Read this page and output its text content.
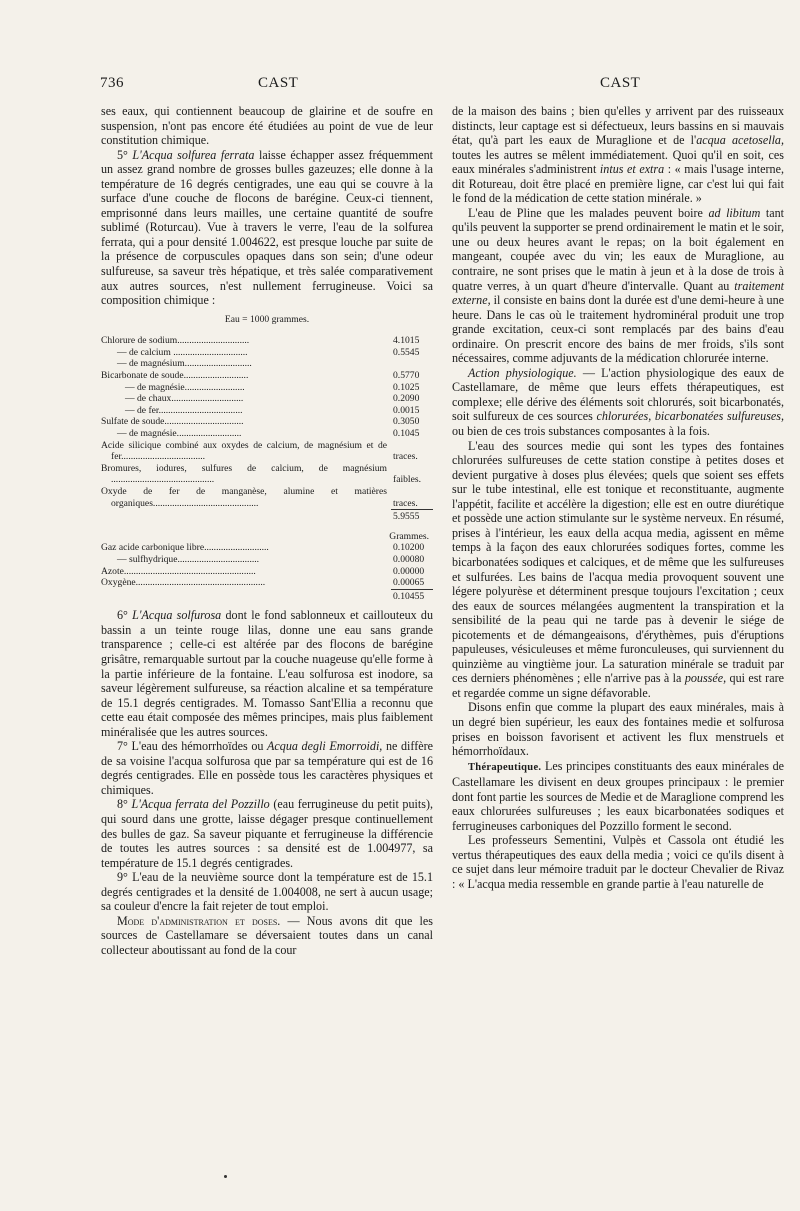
736	CAST	CAST

ses eaux, qui contiennent beaucoup de glairine et de soufre en suspension, n'ont pas encore été étudiées au point de vue de leur constitution chimique.

5° L'Acqua solfurea ferrata laisse échapper assez fréquemment un assez grand nombre de grosses bulles gazeuzes; elle donne à la température de 16 degrés centigrades, une eau qui se couvre à la surface d'une couche de flocons de barégine. Ceux-ci tiennent, emprisonné dans leurs mailles, une certaine quantité de soufre sublimé (Roturcau). Vue à travers le verre, l'eau de la solfurea ferrata, qui a pour densité 1.004622, est presque louche par suite de la présence de corpuscules opaques dans son sein; d'une odeur sulfureuse, sa saveur très hépatique, et très salée comparativement aux autres sources, n'est nullement ferrugineuse. Voici sa composition chimique :

Eau = 1000 grammes.
Chlorure de sodium..............................	4.1015
— de calcium ...............................	0.5545
— de magnésium............................
Bicarbonate de soude...........................	0.5770
— de magnésie.........................	0.1025
— de chaux..............................	0.2090
— de fer...................................	0.0015
Sulfate de soude.................................	0.3050
— de magnésie...........................	0.1045
Acide silicique combiné aux oxydes de calcium, de magnésium et de fer...................................	traces.
Bromures, iodures, sulfures de calcium, de magnésium ...........................................	faibles.
Oxyde de fer de manganèse, alumine et matières organiques............................................	traces.
5.9555
Grammes.
Gaz acide carbonique libre...........................	0.10200
— sulfhydrique..................................	0.00080
Azote.......................................................	0.00000
Oxygène......................................................	0.00065
0.10455

6° L'Acqua solfurosa dont le fond sablonneux et caillouteux du bassin a un teinte rouge lilas, donne une eau sans grande transparence ; celle-ci est altérée par des flocons de barégine grisâtre, remarquable surtout par la couche nuageuse qu'elle forme à la partie inférieure de la fontaine. L'eau solfurosa est inodore, sa saveur légèrement sulfureuse, sa réaction alcaline et sa température de 15.1 degrés centigrades. M. Tomasso Sant'Ellia a reconnu que cette eau était composée des mêmes principes, mais plus faiblement minéralisée que les autres sources.

7° L'eau des hémorrhoïdes ou Acqua degli Emorroidi, ne diffère de sa voisine l'acqua solfurosa que par sa température qui est de 16 degrés centigrades. Elle en possède tous les caractères physiques et chimiques.

8° L'Acqua ferrata del Pozzillo (eau ferrugineuse du petit puits), qui sourd dans une grotte, laisse dégager presque continuellement des bulles de gaz. Sa saveur piquante et ferrugineuse la différencie de toutes les autres sources : sa densité est de 1.004977, sa température de 15.1 degrés centigrades.

9° L'eau de la neuvième source dont la température est de 15.1 degrés centigrades et la densité de 1.004008, ne sert à aucun usage; sa couleur d'encre la fait rejeter de tout emploi.

Mode d'administration et doses. — Nous avons dit que les sources de Castellamare se déversaient toutes dans un canal collecteur aboutissant au fond de la cour

de la maison des bains ; bien qu'elles y arrivent par des ruisseaux distincts, leur captage est si défectueux, leurs bassins en si mauvais état, qu'à part les eaux de Muraglione et de l'acqua acetosella, toutes les autres se mêlent immédiatement. Quoi qu'il en soit, ces eaux minérales s'administrent intus et extra : « mais l'usage interne, dit Rotureau, doit être placé en première ligne, car c'est lui qui fait le fond de la médication de cette station minérale. »

L'eau de Pline que les malades peuvent boire ad libitum tant qu'ils peuvent la supporter se prend ordinairement le matin et le soir, une ou deux heures avant le repas; on la boit également en mangeant, coupée avec du vin; les eaux de Muraglione, au contraire, ne sont prises que le matin à jeun et à la dose de trois à quatre verres, à un quart d'heure d'intervalle. Quant au traitement externe, il consiste en bains dont la durée est d'une demi-heure à une heure. Dans le cas où le traitement hydrominéral produit une trop grande excitation, ceux-ci sont remplacés par des bains d'eau ordinaire. On prescrit encore des bains de mer froids, s'ils sont nécessaires, comme adjuvants de la médication chlorurée interne.

Action physiologique. — L'action physiologique des eaux de Castellamare, de même que leurs effets thérapeutiques, est complexe; elle dérive des éléments soit chlorurés, soit bicarbonatés, soit sulfureux de ces sources chlorurées, bicarbonatées sulfureuses, ou bien de ces trois substances composantes à la fois.

L'eau des sources medie qui sont les types des fontaines chlorurées sulfureuses de cette station constipe à petites doses et devient purgative à doses plus élevées; quels que soient ses effets sur le tube intestinal, elle est tonique et reconstituante, augmente l'appétit, facilite et accélère la digestion; elle est en outre diurétique et possède une action stimulante sur le système nerveux. En résumé, prises à l'intérieur, les eaux della acqua media, agissent en même temps à la façon des eaux chlorurées sodiques fortes, comme les bicarbonatées sodiques et calciques, et de même que les sulfureuses et sulfurées. Les bains de l'acqua media provoquent souvent une légere polyurèse et déterminent presque toujours l'excitation ; ceux des eaux de sources mélangées augmentent la transpiration et la sensibilité de la peau qui ne tarde pas à devenir le siége de picotements et de démangeaisons, d'érythèmes, puis d'éruptions papuleuses, vésiculeuses et même furonculeuses, qui surviennent du quinzième au vingtième jour. La saturation minérale se traduit par ces derniers phénomènes ; elle n'arrive pas à la poussée, qui est rare et regardée comme un signe défavorable.

Disons enfin que comme la plupart des eaux minérales, mais à un degré bien supérieur, les eaux des fontaines medie et solfurosa prises en boisson favorisent et activent les flux menstruels et hémorrhoïdaux.

Thérapeutique. Les principes constituants des eaux minérales de Castellamare les divisent en deux groupes principaux : le premier dont font partie les sources de Medie et de Maraglione comprend les eaux chlorurées sulfureuses ; les eaux bicarbonatées sodiques et ferrugineuses carboniques del Pozzillo forment le second.

Les professeurs Sementini, Vulpès et Cassola ont étudié les vertus thérapeutiques des eaux della media ; voici ce qu'ils disent à ce sujet dans leur mémoire traduit par le docteur Chevalier de Rivaz : « L'acqua media ressemble en grande partie à l'eau naturelle de
